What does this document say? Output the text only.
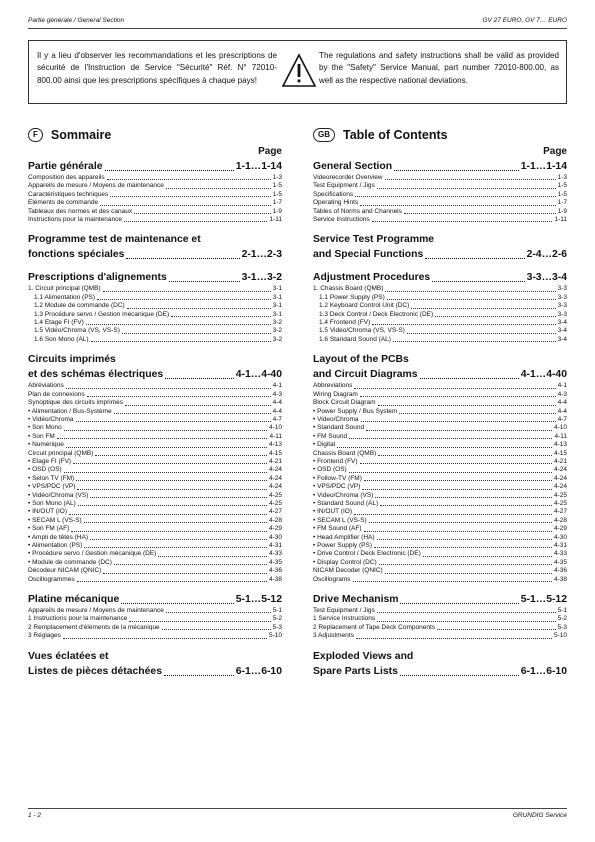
Partie générale / General Section	GV 27 EURO, GV 7… EURO

Il y a lieu d'observer les recommandations et les prescriptions de sécurité de l'Instruction de Service "Sécurité" Réf. N° 72010-800.00 ainsi que les prescriptions spécifiques à chaque pays!

The regulations and safety instructions shall be valid as provided by the "Safety" Service Manual, part number 72010-800.00, as well as the respective national deviations.

F	Sommaire
Page
Partie générale	1-1…1-14
Composition des appareils	1-3
Appareils de mesure / Moyens de maintenance	1-5
Caractéristiques techniques	1-5
Eléments de commande	1-7
Tableaux des normes et des canaux	1-9
Instructions pour la maintenance	1-11
Programme test de maintenance et
fonctions spéciales	2-1…2-3
Prescriptions d'alignements	3-1…3-2
1. Circuit principal (QMB)	3-1
1.1 Alimentation (PS)	3-1
1.2 Module de commande (DC)	3-1
1.3 Procédure servo / Gestion mécanique (DE)	3-1
1.4 Etage FI (FV)	3-2
1.5 Vidéo/Chroma (VS, VS-S)	3-2
1.6 Son Mono (AL)	3-2
Circuits imprimés
et des schémas électriques	4-1…4-40
Abréviations	4-1
Plan de connexions	4-3
Synoptique des circuits imprimés	4-4
• Alimentation / Bus-Système	4-4
• Vidéo/Chroma	4-7
• Son Mono	4-10
• Son FM	4-11
• Numérique	4-13
Circuit principal (QMB)	4-15
• Etage FI (FV)	4-21
• OSD (OS)	4-24
• Selon TV (FM)	4-24
• VPS/PDC (VP)	4-24
• Vidéo/Chroma (VS)	4-25
• Son Mono (AL)	4-25
• IN/OUT (IO)	4-27
• SECAM L (VS-S)	4-28
• Son FM (AF)	4-29
• Ampli de têtes (HA)	4-30
• Alimentation (PS)	4-31
• Procédure servo / Gestion mécanique (DE)	4-33
• Module de commande (DC)	4-35
Décodeur NICAM (QNIC)	4-36
Oscillogrammes	4-38
Platine mécanique	5-1…5-12
Appareils de mesure / Moyens de maintenance	5-1
1 Instructions pour la maintenance	5-2
2 Remplacement d'éléments de la mécanique	5-3
3 Réglages	5-10
Vues éclatées et
Listes de pièces détachées	6-1…6-10
GB	Table of Contents
Page
General Section	1-1…1-14
Videorecorder Overview	1-3
Test Equipment / Jigs	1-5
Specifications	1-5
Operating Hints	1-7
Tables of Norms and Channels	1-9
Service Instructions	1-11
Service Test Programme
and Special Functions	2-4…2-6
Adjustment Procedures	3-3…3-4
1. Chassis Board (QMB)	3-3
1.1 Power Supply (PS)	3-3
1.2 Keyboard Control Unit (DC)	3-3
1.3 Deck Control / Deck Electronic (DE)	3-3
1.4 Frontend (FV)	3-4
1.5 Video/Chroma (VS, VS-S)	3-4
1.6 Standard Sound (AL)	3-4
Layout of the PCBs
and Circuit Diagrams	4-1…4-40
Abbreviations	4-1
Wiring Diagram	4-3
Block Circuit Diagram	4-4
• Power Supply / Bus System	4-4
• Video/Chroma	4-7
• Standard Sound	4-10
• FM Sound	4-11
• Digital	4-13
Chassis Board (QMB)	4-15
• Frontend (FV)	4-21
• OSD (OS)	4-24
• Follow-TV (FM)	4-24
• VPS/PDC (VP)	4-24
• Video/Chroma (VS)	4-25
• Standard Sound (AL)	4-25
• IN/OUT (IO)	4-27
• SECAM L (VS-S)	4-28
• FM Sound (AF)	4-29
• Head Amplifier (HA)	4-30
• Power Supply (PS)	4-31
• Drive Control / Deck Electronic (DE)	4-33
• Display Control (DC)	4-35
NICAM Decoder (QNIC)	4-36
Oscillograms	4-38
Drive Mechanism	5-1…5-12
Test Equipment / Jigs	5-1
1 Service Instructions	5-2
2 Replacement of Tape Deck Components	5-3
3 Adjustments	5-10
Exploded Views and
Spare Parts Lists	6-1…6-10
1 - 2	GRUNDIG Service
